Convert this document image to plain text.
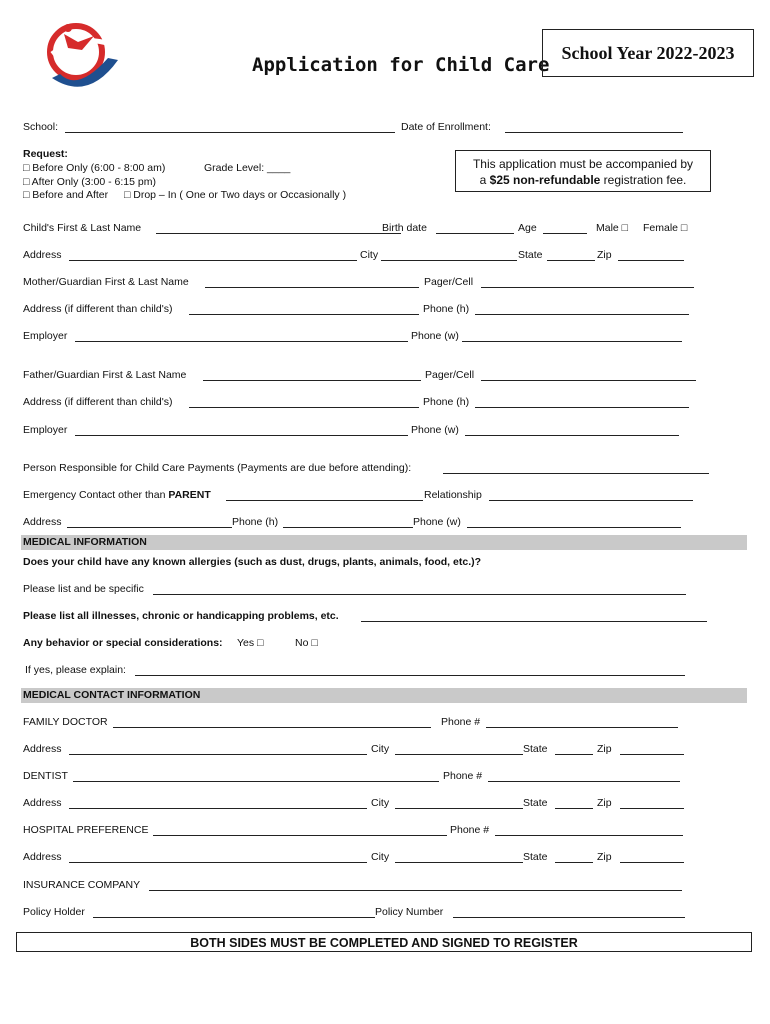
Application for Child Care
School Year 2022-2023
School:	Date of Enrollment:
Request:
□ Before Only (6:00 - 8:00 am)	Grade Level: ____
□ After Only (3:00 - 6:15 pm)
□ Before and After □ Drop – In ( One or Two days or Occasionally )
This application must be accompanied by
a $25 non-refundable registration fee.
Child's First & Last Name	Birth date	Age	Male □ Female □
Address	City	State	Zip
Mother/Guardian First & Last Name	Pager/Cell
Address (if different than child's)	Phone (h)
Employer	Phone (w)
Father/Guardian First & Last Name	Pager/Cell
Address (if different than child's)	Phone (h)
Employer	Phone (w)
Person Responsible for Child Care Payments (Payments are due before attending):
Emergency Contact other than PARENT	Relationship
Address	Phone (h)	Phone (w)
MEDICAL INFORMATION
Does your child have any known allergies (such as dust, drugs, plants, animals, food, etc.)?
Please list and be specific
Please list all illnesses, chronic or handicapping problems, etc.
Any behavior or special considerations: Yes □	No □
If yes, please explain:
MEDICAL CONTACT INFORMATION
FAMILY DOCTOR	Phone #
Address	City	State	Zip
DENTIST	Phone #
Address	City	State	Zip
HOSPITAL PREFERENCE	Phone #
Address	City	State	Zip
INSURANCE COMPANY
Policy Holder	Policy Number
BOTH SIDES MUST BE COMPLETED AND SIGNED TO REGISTER
